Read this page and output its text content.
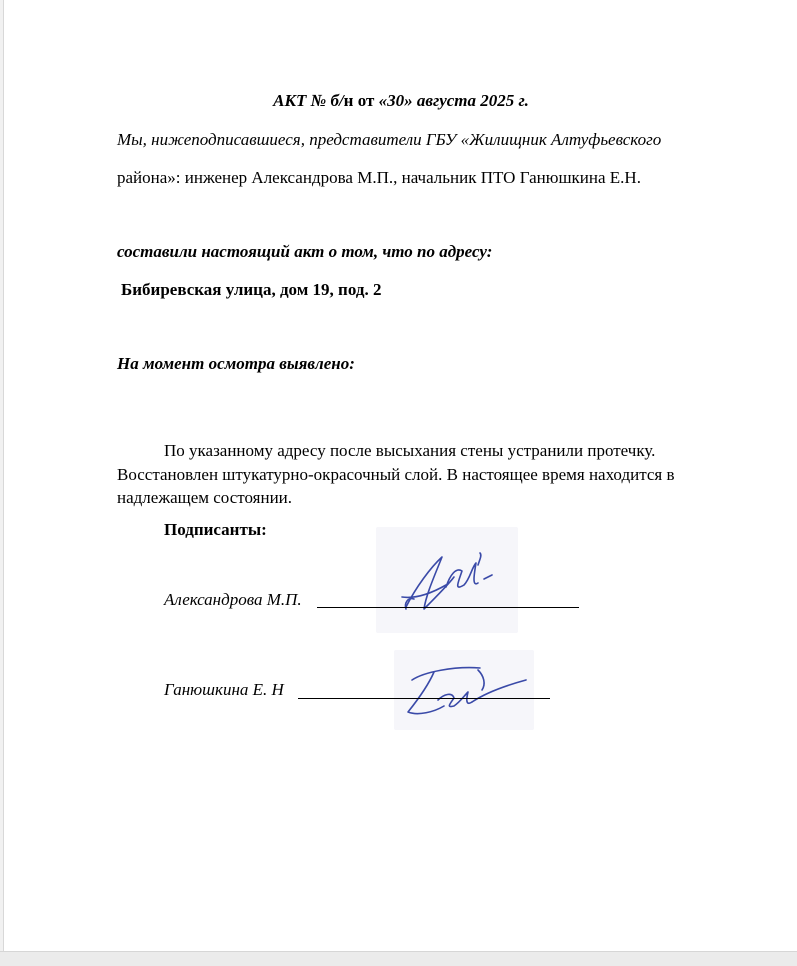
АКТ № б/н от «30» августа 2025 г.
Мы, нижеподписавшиеся, представители ГБУ «Жилищник Алтуфьевского
района»: инженер Александрова М.П., начальник ПТО Ганюшкина Е.Н.
составили настоящий акт о том, что по адресу:
Бибиревская улица, дом 19, под. 2
На момент осмотра выявлено:
По указанному адресу после высыхания стены устранили протечку. Восстановлен штукатурно-окрасочный слой. В настоящее время находится в надлежащем состоянии.
Подписанты:
Александрова М.П.
Ганюшкина Е. Н
